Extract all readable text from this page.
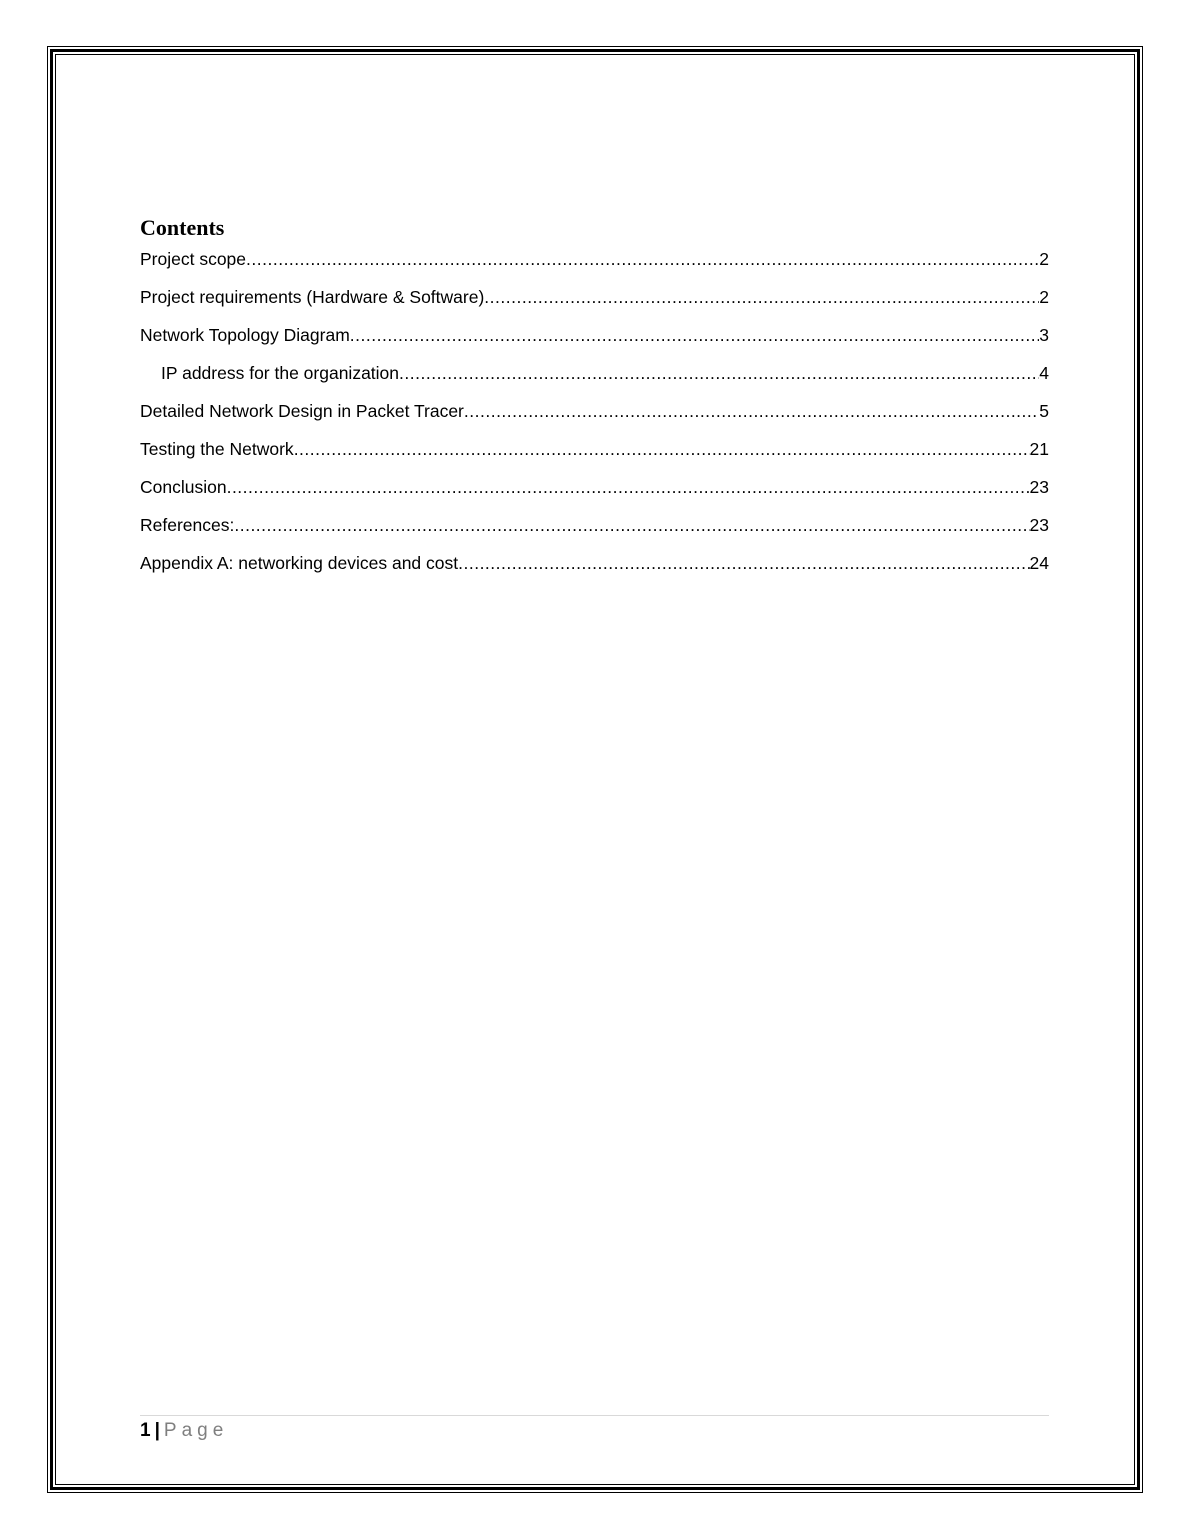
Contents
Project scope .....	2
Project requirements (Hardware & Software) .....	2
Network Topology Diagram .....	3
IP address for the organization .....	4
Detailed Network Design in Packet Tracer .....	5
Testing the Network .....	21
Conclusion .....	23
References: .....	23
Appendix A: networking devices and cost .....	24
1 | Page
